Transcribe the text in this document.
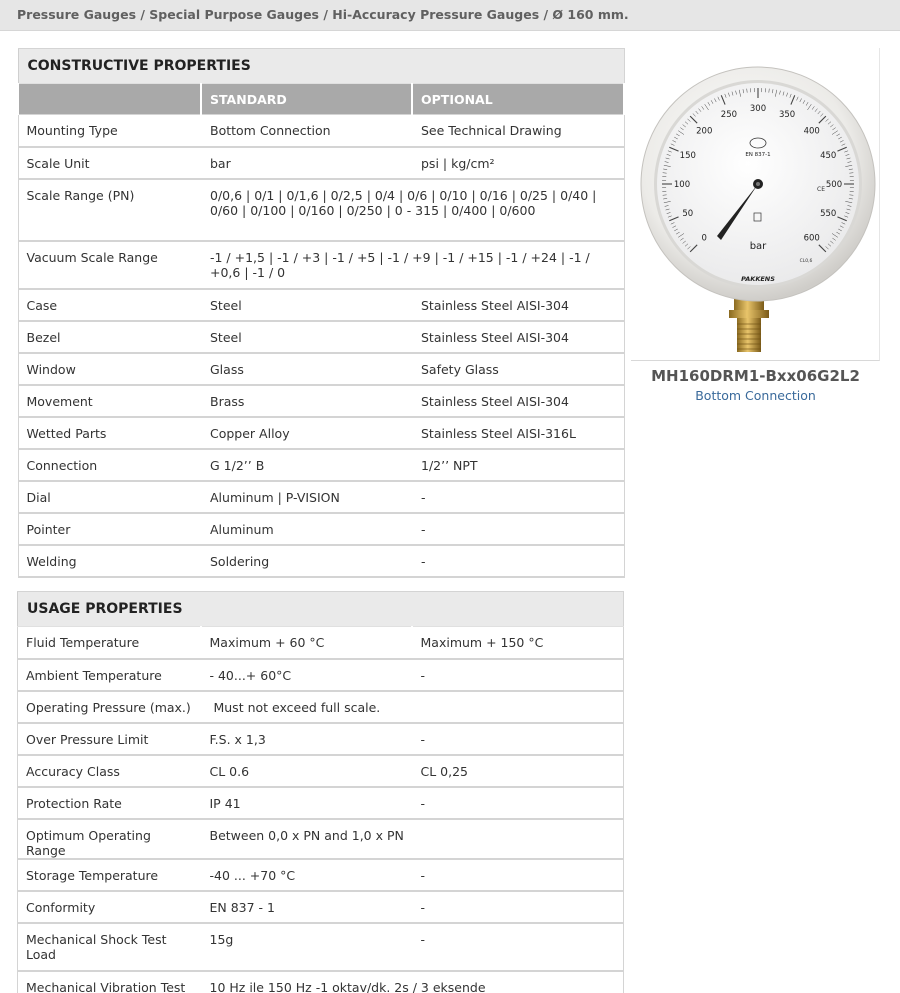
Pressure Gauges / Special Purpose Gauges / Hi-Accuracy Pressure Gauges / Ø 160 mm.
CONSTRUCTIVE PROPERTIES		
	STANDARD	OPTIONAL
Mounting Type	Bottom Connection	See Technical Drawing
Scale Unit	bar	psi | kg/cm²
Scale Range (PN)	0/0,6 | 0/1 | 0/1,6 | 0/2,5 | 0/4 | 0/6 | 0/10 | 0/16 | 0/25 | 0/40 | 0/60 | 0/100 | 0/160 | 0/250 | 0 - 315 | 0/400 | 0/600	
Vacuum Scale Range	-1 / +1,5 | -1 / +3 | -1 / +5 | -1 / +9 | -1 / +15 | -1 / +24 | -1 / +0,6 | -1 / 0	
Case	Steel	Stainless Steel AISI-304
Bezel	Steel	Stainless Steel AISI-304
Window	Glass	Safety Glass
Movement	Brass	Stainless Steel AISI-304
Wetted Parts	Copper Alloy	Stainless Steel AISI-316L
Connection	G 1/2’’ B	1/2’’ NPT
Dial	Aluminum | P-VISION	-
Pointer	Aluminum	-
Welding	Soldering	-
USAGE PROPERTIES		
Fluid Temperature	Maximum + 60 °C	Maximum + 150 °C
Ambient Temperature	- 40...+ 60°C	-
Operating Pressure (max.)	Must not exceed full scale.	
Over Pressure Limit	F.S. x 1,3	-
Accuracy Class	CL 0.6	CL 0,25
Protection Rate	IP 41	-
Optimum Operating Range	Between 0,0 x PN and 1,0 x PN	
Storage Temperature	-40 ... +70 °C	-
Conformity	EN 837 - 1	-
Mechanical Shock Test Load	15g	-
Mechanical Vibration Test	10 Hz ile 150 Hz -1 oktav/dk. 2s / 3 eksende	
0
50
100
150
200
250
300
350
400
450
500
550
600
EN 837-1
CE
CL0,6
bar
PAKKENS
MH160DRM1-Bxx06G2L2
Bottom Connection
